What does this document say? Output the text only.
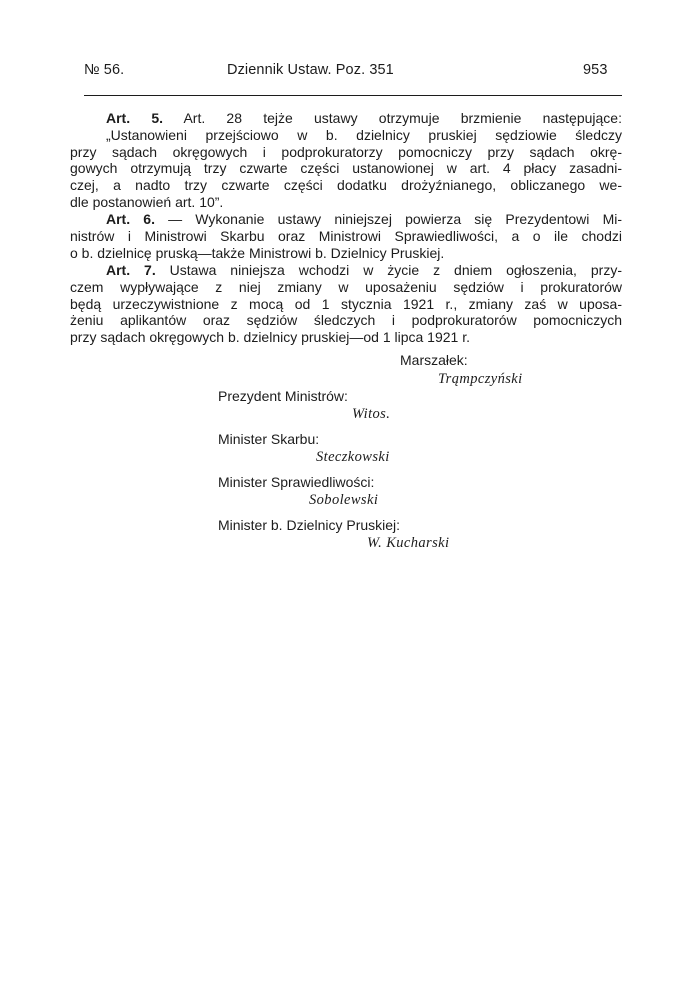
№ 56.	Dziennik Ustaw. Poz. 351	953

Art. 5. Art. 28 tejże ustawy otrzymuje brzmienie następujące:
„Ustanowieni przejściowo w b. dzielnicy pruskiej sędziowie śledczy
przy sądach okręgowych i podprokuratorzy pomocniczy przy sądach okrę-
gowych otrzymują trzy czwarte części ustanowionej w art. 4 płacy zasadni-
czej, a nadto trzy czwarte części dodatku drożyźnianego, obliczanego we-
dle postanowień art. 10”.

Art. 6. — Wykonanie ustawy niniejszej powierza się Prezydentowi Mi-
nistrów i Ministrowi Skarbu oraz Ministrowi Sprawiedliwości, a o ile chodzi
o b. dzielnicę pruską—także Ministrowi b. Dzielnicy Pruskiej.

Art. 7. Ustawa niniejsza wchodzi w życie z dniem ogłoszenia, przy-
czem wypływające z niej zmiany w uposażeniu sędziów i prokuratorów
będą urzeczywistnione z mocą od 1 stycznia 1921 r., zmiany zaś w uposa-
żeniu aplikantów oraz sędziów śledczych i podprokuratorów pomocniczych
przy sądach okręgowych b. dzielnicy pruskiej—od 1 lipca 1921 r.

Marszałek:
Trąmpczyński
Prezydent Ministrów:
Witos.
Minister Skarbu:
Steczkowski
Minister Sprawiedliwości:
Sobolewski
Minister b. Dzielnicy Pruskiej:
W. Kucharski
